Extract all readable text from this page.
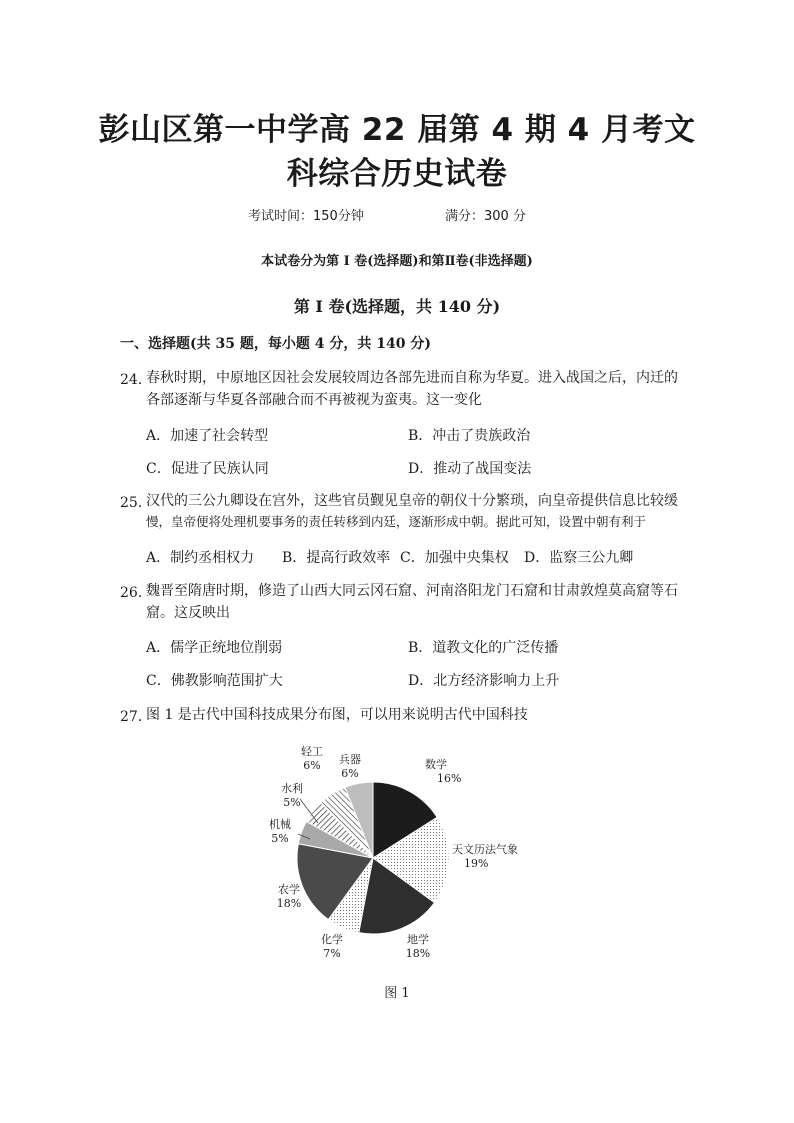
彭山区第一中学高 22 届第 4 期 4 月考文
科综合历史试卷
考试时间：150分钟	满分：300 分
本试卷分为第 Ⅰ 卷(选择题)和第Ⅱ卷(非选择题)
第 Ⅰ 卷(选择题，共 140 分)
一、选择题(共 35 题，每小题 4 分，共 140 分)
24．
春秋时期，中原地区因社会发展较周边各部先进而自称为华夏。进入战国之后，内迁的
各部逐渐与华夏各部融合而不再被视为蛮夷。这一变化
A．加速了社会转型	B．冲击了贵族政治
C．促进了民族认同	D．推动了战国变法
25．
汉代的三公九卿设在宫外，这些官员觐见皇帝的朝仪十分繁琐，向皇帝提供信息比较缓
慢，皇帝便将处理机要事务的责任转移到内廷，逐渐形成中朝。据此可知，设置中朝有利于
A．制约丞相权力 B．提高行政效率 C．加强中央集权 D．监察三公九卿
26．
魏晋至隋唐时期，修造了山西大同云冈石窟、河南洛阳龙门石窟和甘肃敦煌莫高窟等石
窟。这反映出
A．儒学正统地位削弱	B．道教文化的广泛传播
C．佛教影响范围扩大	D．北方经济影响力上升
27．
图 1 是古代中国科技成果分布图，可以用来说明古代中国科技
数学
16%
天文历法气象
19%
地学
18%
化学
7%
农学
18%
机械
5%
水利
5%
轻工
6% 兵器
6%
图 1
